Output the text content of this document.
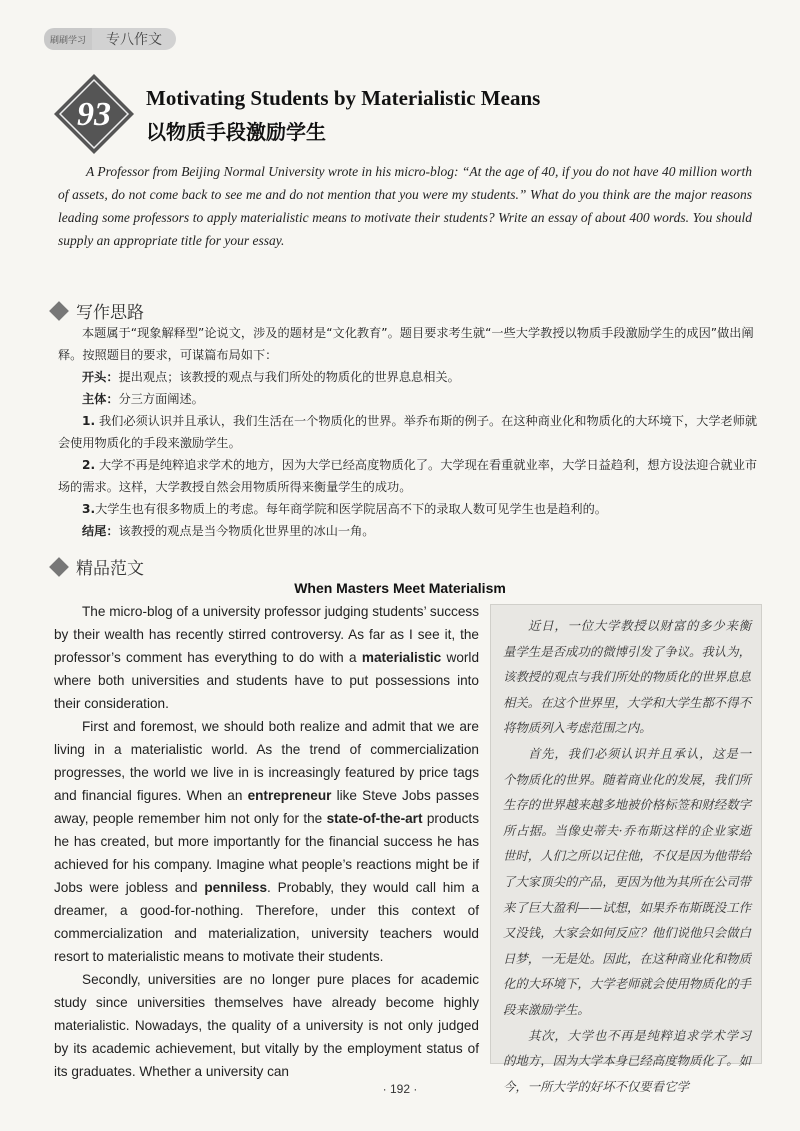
刷刷学习	专八作文
93 Motivating Students by Materialistic Means
以物质手段激励学生
A Professor from Beijing Normal University wrote in his micro-blog: “At the age of 40, if you do not have 40 million worth of assets, do not come back to see me and do not mention that you were my students.” What do you think are the major reasons leading some professors to apply materialistic means to motivate their students? Write an essay of about 400 words. You should supply an appropriate title for your essay.
写作思路

本题属于“现象解释型”论说文，涉及的题材是“文化教育”。题目要求考生就“一些大学教授以物质手段激励学生的成因”做出阐释。按照题目的要求，可谋篇布局如下：

开头：提出观点；该教授的观点与我们所处的物质化的世界息息相关。

主体：分三方面阐述。

1. 我们必须认识并且承认，我们生活在一个物质化的世界。举乔布斯的例子。在这种商业化和物质化的大环境下，大学老师就会使用物质化的手段来激励学生。

2. 大学不再是纯粹追求学术的地方，因为大学已经高度物质化了。大学现在看重就业率，大学日益趋利，想方设法迎合就业市场的需求。这样，大学教授自然会用物质所得来衡量学生的成功。

3.大学生也有很多物质上的考虑。每年商学院和医学院居高不下的录取人数可见学生也是趋利的。

结尾：该教授的观点是当今物质化世界里的冰山一角。

精品范文
When Masters Meet Materialism

The micro-blog of a university professor judging students’ success by their wealth has recently stirred controversy. As far as I see it, the professor’s comment has everything to do with a materialistic world where both universities and students have to put possessions into their consideration.

First and foremost, we should both realize and admit that we are living in a materialistic world. As the trend of commercialization progresses, the world we live in is increasingly featured by price tags and financial figures. When an entrepreneur like Steve Jobs passes away, people remember him not only for the state-of-the-art products he has created, but more importantly for the financial success he has achieved for his company. Imagine what people’s reactions might be if Jobs were jobless and penniless. Probably, they would call him a dreamer, a good-for-nothing. Therefore, under this context of commercialization and materialization, university teachers would resort to materialistic means to motivate their students.

Secondly, universities are no longer pure places for academic study since universities themselves have already become highly materialistic. Nowadays, the quality of a university is not only judged by its academic achievement, but vitally by the employment status of its graduates. Whether a university can

近日，一位大学教授以财富的多少来衡量学生是否成功的微博引发了争议。我认为，该教授的观点与我们所处的物质化的世界息息相关。在这个世界里，大学和大学生都不得不将物质列入考虑范围之内。

首先，我们必须认识并且承认，这是一个物质化的世界。随着商业化的发展，我们所生存的世界越来越多地被价格标签和财经数字所占据。当像史蒂夫·乔布斯这样的企业家逝世时，人们之所以记住他，不仅是因为他带给了大家顶尖的产品，更因为他为其所在公司带来了巨大盈利——试想，如果乔布斯既没工作又没钱，大家会如何反应？他们说他只会做白日梦，一无是处。因此，在这种商业化和物质化的大环境下，大学老师就会使用物质化的手段来激励学生。

其次，大学也不再是纯粹追求学术学习的地方，因为大学本身已经高度物质化了。如今，一所大学的好坏不仅要看它学

· 192 ·
